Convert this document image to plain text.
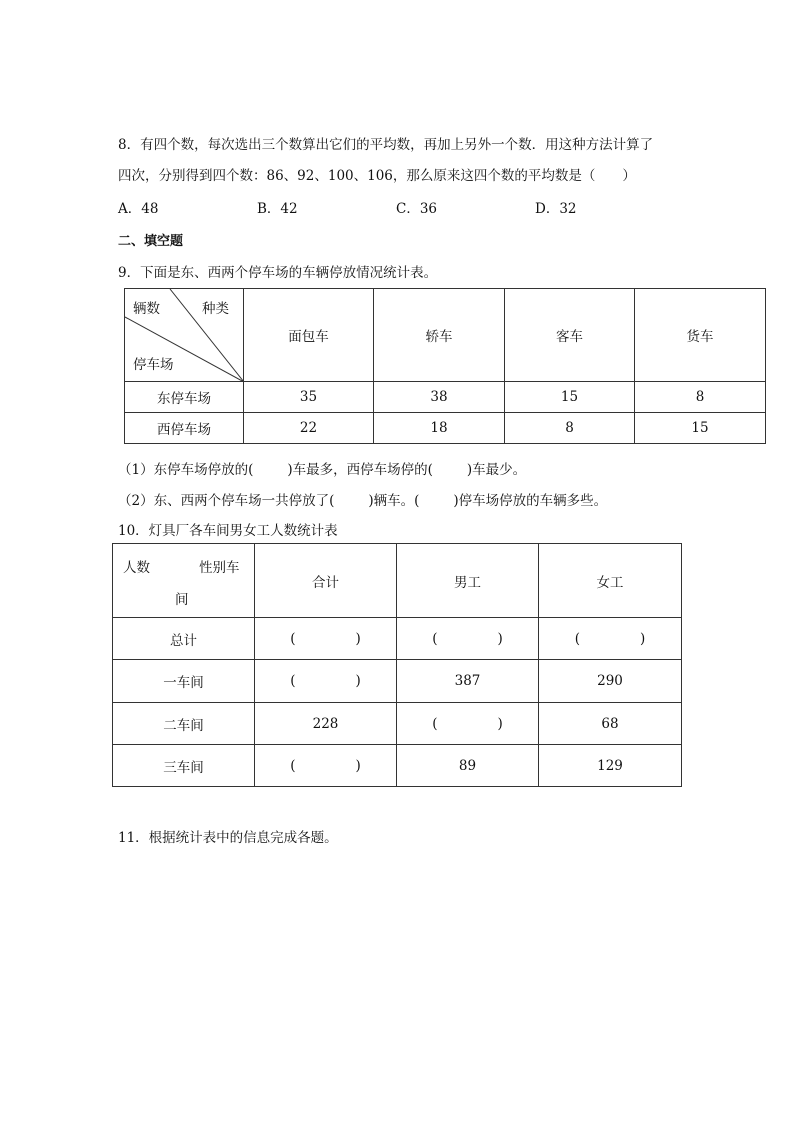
8．有四个数，每次选出三个数算出它们的平均数，再加上另外一个数．用这种方法计算了
四次，分别得到四个数：86、92、100、106，那么原来这四个数的平均数是（　　）
A．48	B．42	C．36	D．32
二、填空题
9．下面是东、西两个停车场的车辆停放情况统计表。
辆数 种类
停车场	面包车	轿车	客车	货车
东停车场	35	38	15	8
西停车场	22	18	8	15
（1）东停车场停放的(	)车最多，西停车场停的(	)车最少。
（2）东、西两个停车场一共停放了(	)辆车。(	)停车场停放的车辆多些。
10．灯具厂各车间男女工人数统计表
人数 性别车
间	合计	男工	女工
总计	( )	( )	( )
一车间	( )	387	290
二车间	228	( )	68
三车间	( )	89	129
11．根据统计表中的信息完成各题。
